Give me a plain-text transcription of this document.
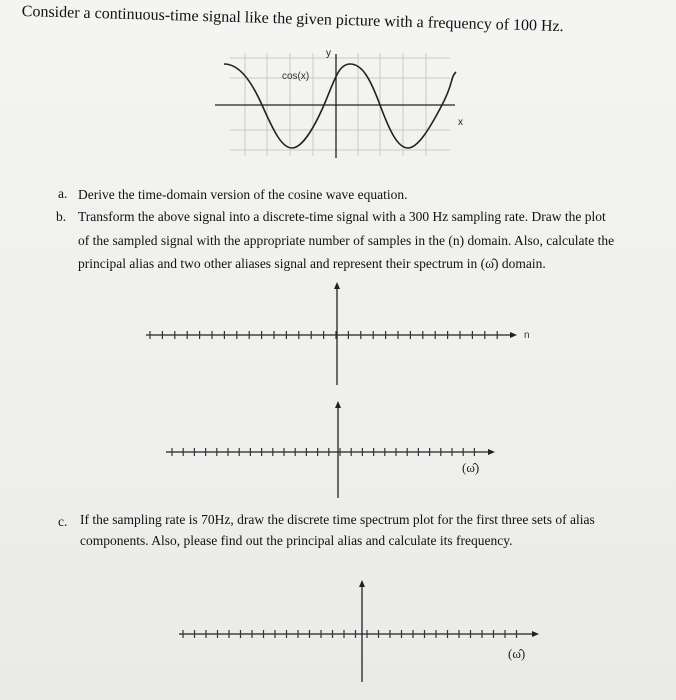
Consider a continuous-time signal like the given picture with a frequency of 100 Hz.
cos(x)
y
x
a. Derive the time-domain version of the cosine wave equation.
b. Transform the above signal into a discrete-time signal with a 300 Hz sampling rate. Draw the plot
of the sampled signal with the appropriate number of samples in the (n) domain. Also, calculate the
principal alias and two other aliases signal and represent their spectrum in (ω̂) domain.
n
(ω̂)
c. If the sampling rate is 70Hz, draw the discrete time spectrum plot for the first three sets of alias
components. Also, please find out the principal alias and calculate its frequency.
(ω̂)
